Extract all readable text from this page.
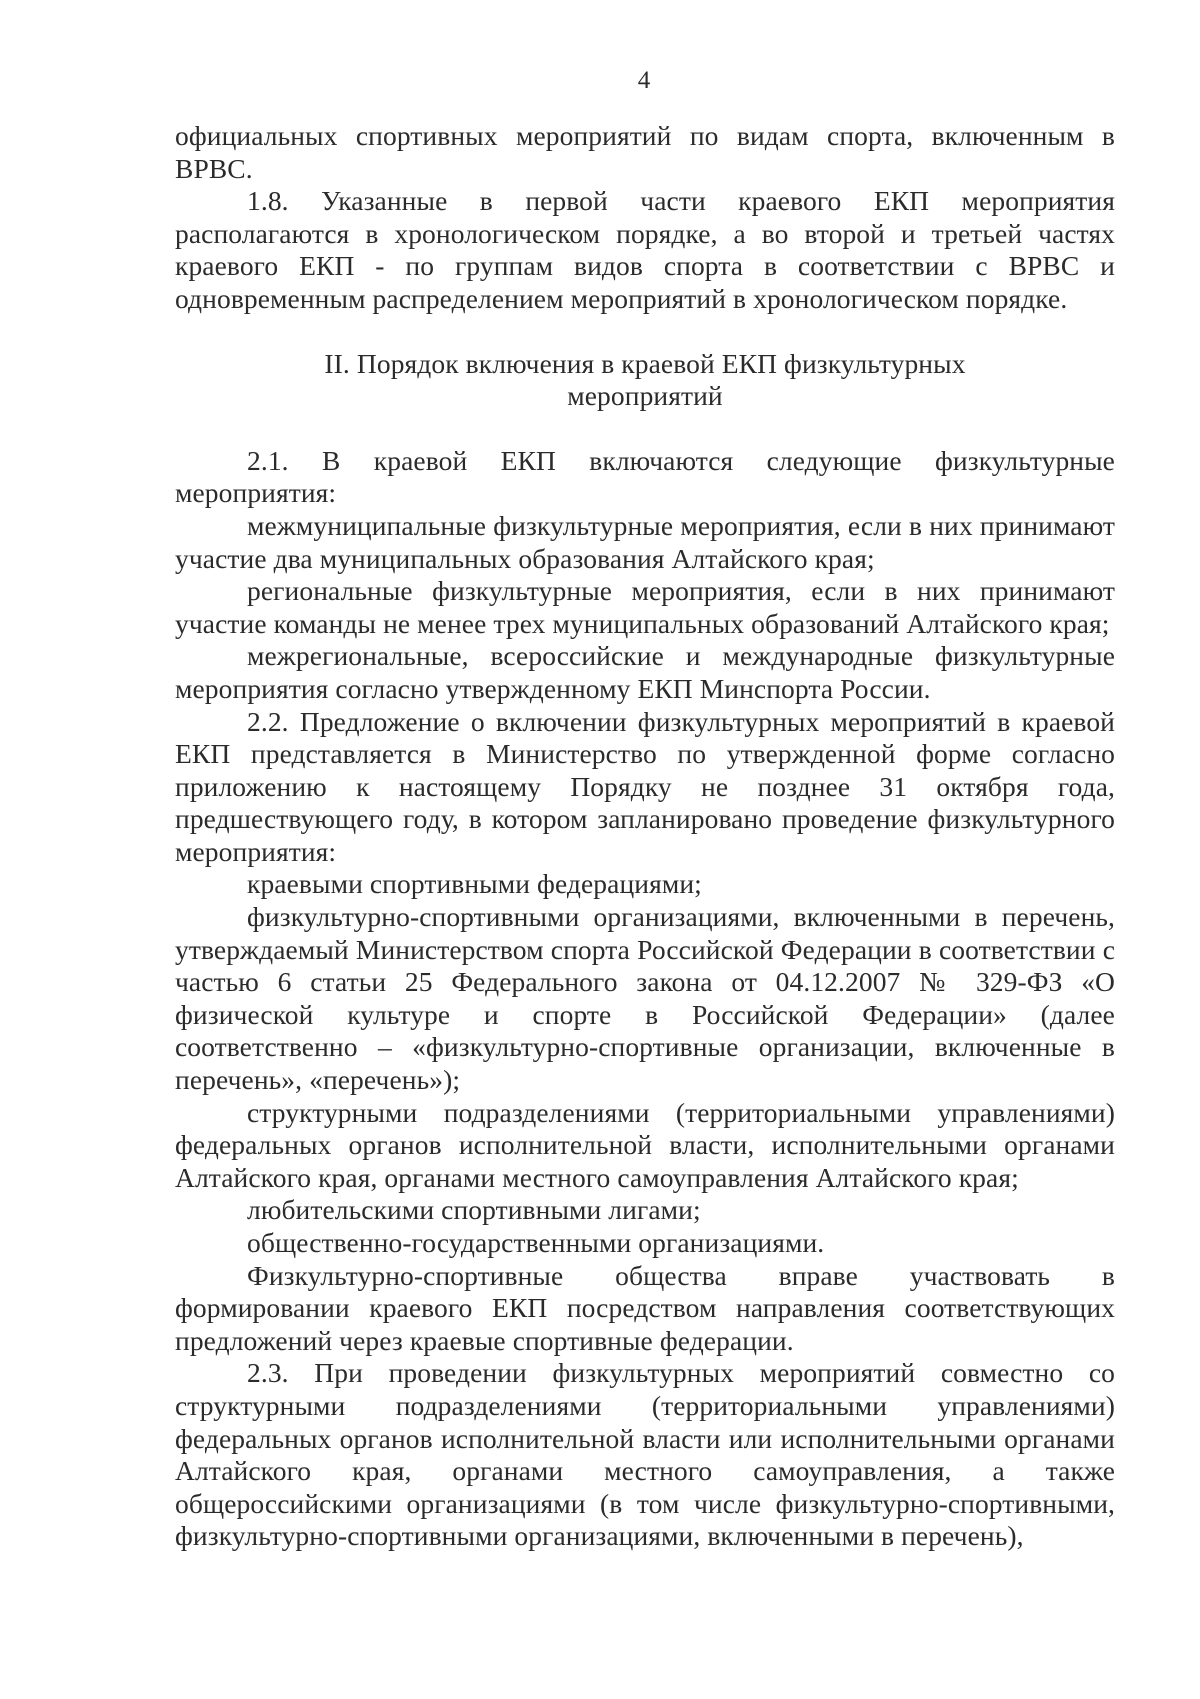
4

официальных спортивных мероприятий по видам спорта, включенным в ВРВС.

1.8. Указанные в первой части краевого ЕКП мероприятия располагаются в хронологическом порядке, а во второй и третьей частях краевого ЕКП - по группам видов спорта в соответствии с ВРВС и одновременным распределением мероприятий в хронологическом порядке.

II. Порядок включения в краевой ЕКП физкультурных мероприятий

2.1. В краевой ЕКП включаются следующие физкультурные мероприятия:

межмуниципальные физкультурные мероприятия, если в них принимают участие два муниципальных образования Алтайского края;

региональные физкультурные мероприятия, если в них принимают участие команды не менее трех муниципальных образований Алтайского края;

межрегиональные, всероссийские и международные физкультурные мероприятия согласно утвержденному ЕКП Минспорта России.

2.2. Предложение о включении физкультурных мероприятий в краевой ЕКП представляется в Министерство по утвержденной форме согласно приложению к настоящему Порядку не позднее 31 октября года, предшествующего году, в котором запланировано проведение физкультурного мероприятия:

краевыми спортивными федерациями;

физкультурно-спортивными организациями, включенными в перечень, утверждаемый Министерством спорта Российской Федерации в соответствии с частью 6 статьи 25 Федерального закона от 04.12.2007 № 329-ФЗ «О физической культуре и спорте в Российской Федерации» (далее соответственно – «физкультурно-спортивные организации, включенные в перечень», «перечень»);

структурными подразделениями (территориальными управлениями) федеральных органов исполнительной власти, исполнительными органами Алтайского края, органами местного самоуправления Алтайского края;

любительскими спортивными лигами;

общественно-государственными организациями.

Физкультурно-спортивные общества вправе участвовать в формировании краевого ЕКП посредством направления соответствующих предложений через краевые спортивные федерации.

2.3. При проведении физкультурных мероприятий совместно со структурными подразделениями (территориальными управлениями) федеральных органов исполнительной власти или исполнительными органами Алтайского края, органами местного самоуправления, а также общероссийскими организациями (в том числе физкультурно-спортивными, физкультурно-спортивными организациями, включенными в перечень),
